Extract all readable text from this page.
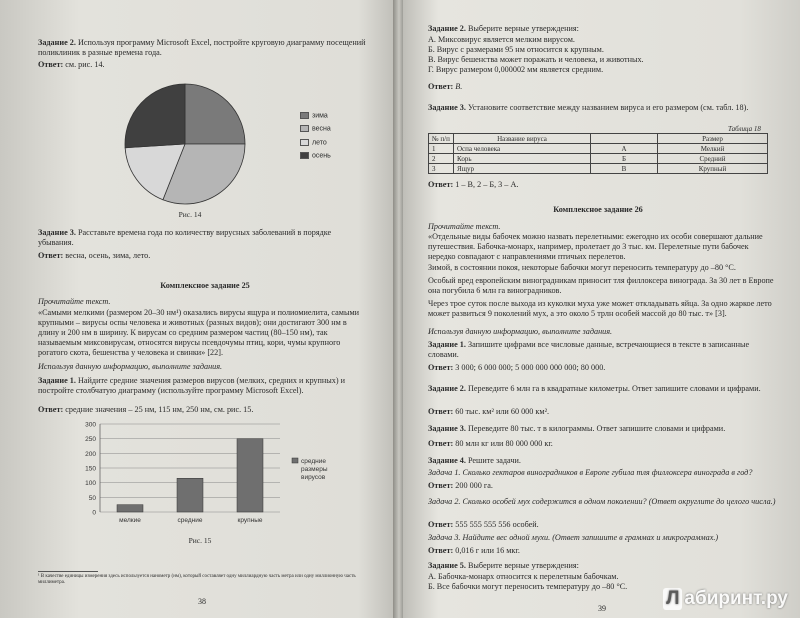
Задание 2. Используя программу Microsoft Excel, постройте круговую диаграмму посещений поликлиник в разные времена года.
Ответ: см. рис. 14.
зима
весна
лето
осень
Рис. 14
Задание 3. Расставьте времена года по количеству вирусных заболеваний в порядке убывания.
Ответ: весна, осень, зима, лето.
Комплексное задание 25
Прочитайте текст.
«Самыми мелкими (размером 20–30 нм¹) оказались вирусы ящура и полиомиелита, самыми крупными – вирусы оспы человека и животных (разных видов); они достигают 300 нм в длину и 200 нм в ширину. К вирусам со средним размером частиц (80–150 нм), так называемым миксовирусам, относятся вирусы псевдочумы птиц, кори, чумы крупного рогатого скота, бешенства у человека и свинки» [22].
Используя данную информацию, выполните задания.
Задание 1. Найдите средние значения размеров вирусов (мелких, средних и крупных) и постройте столбчатую диаграмму (используйте программу Microsoft Excel).
Ответ: средние значения – 25 нм, 115 нм, 250 нм, см. рис. 15.
0
50
100
150
200
250
300
мелкие	средние	крупные
средние
размеры
вирусов
Рис. 15
¹ В качестве единицы измерения здесь используется нанометр (нм), который составляет одну миллиардную часть метра или одну миллионную часть миллиметра.
38
Задание 2. Выберите верные утверждения:
А. Миксовирус является мелким вирусом.
Б. Вирус с размерами 95 нм относится к крупным.
В. Вирус бешенства может поражать и человека, и животных.
Г. Вирус размером 0,000002 мм является средним.
Ответ: В.
Задание 3. Установите соответствие между названием вируса и его размером (см. табл. 18).
Таблица 18
№ п/п	Название вируса		Размер
1	Оспа человека	А	Мелкий
2	Корь	Б	Средний
3	Ящур	В	Крупный
Ответ: 1 – В, 2 – Б, 3 – А.
Комплексное задание 26
Прочитайте текст.
«Отдельные виды бабочек можно назвать перелетными: ежегодно их особи совершают дальние путешествия. Бабочка-монарх, например, пролетает до 3 тыс. км. Перелетные пути бабочек нередко совпадают с направлениями птичьих перелетов.
Зимой, в состоянии покоя, некоторые бабочки могут переносить температуру до –80 °С.
Особый вред европейским виноградникам приносит тля филлоксера винограда. За 30 лет в Европе она погубила 6 млн га виноградников.
Через трое суток после выхода из куколки муха уже может откладывать яйца. За одно жаркое лето может развиться 9 поколений мух, а это около 5 трлн особей массой до 80 тыс. т» [3].
Используя данную информацию, выполните задания.
Задание 1. Запишите цифрами все числовые данные, встречающиеся в тексте в записанные словами.
Ответ: 3 000; 6 000 000; 5 000 000 000 000; 80 000.
Задание 2. Переведите 6 млн га в квадратные километры. Ответ запишите словами и цифрами.
Ответ: 60 тыс. км² или 60 000 км².
Задание 3. Переведите 80 тыс. т в килограммы. Ответ запишите словами и цифрами.
Ответ: 80 млн кг или 80 000 000 кг.
Задание 4. Решите задачи.
Задача 1. Сколько гектаров виноградников в Европе губила тля филлоксера винограда в год?
Ответ: 200 000 га.
Задача 2. Сколько особей мух содержится в одном поколении? (Ответ округлите до целого числа.)
Ответ: 555 555 555 556 особей.
Задача 3. Найдите вес одной мухи. (Ответ запишите в граммах и микрограммах.)
Ответ: 0,016 г или 16 мкг.
Задание 5. Выберите верные утверждения:
А. Бабочка-монарх относится к перелетным бабочкам.
Б. Все бабочки могут переносить температуру до –80 °С.
39	Л абиринт.ру
